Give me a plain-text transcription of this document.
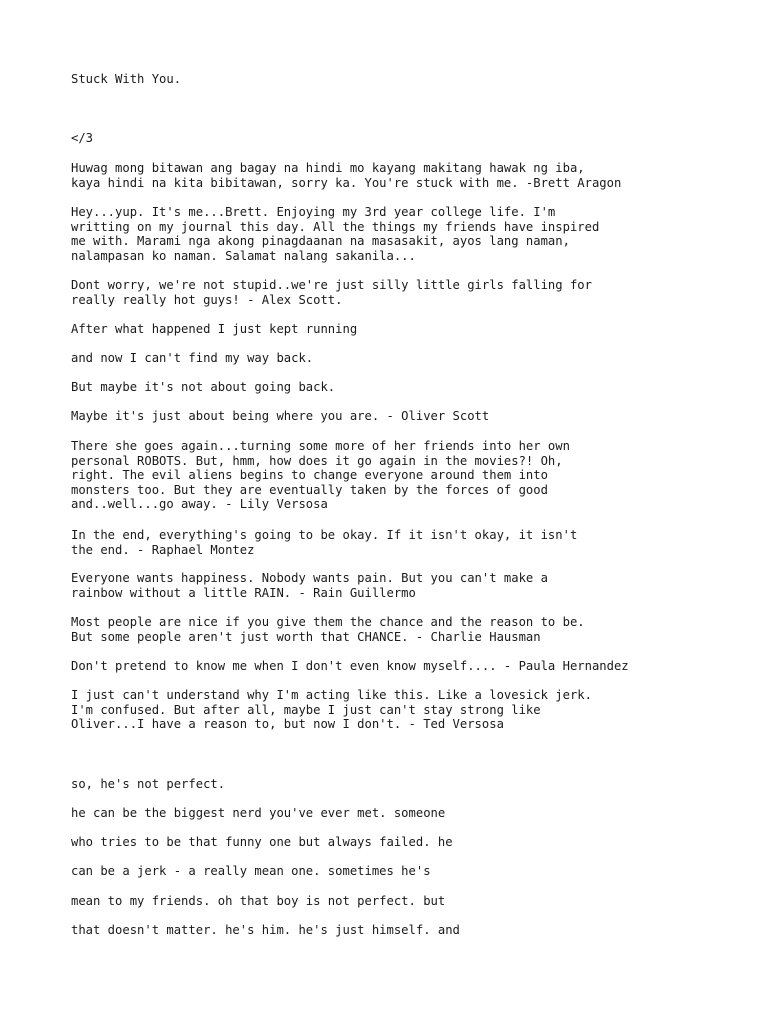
Stuck With You.

</3

Huwag mong bitawan ang bagay na hindi mo kayang makitang hawak ng iba,
kaya hindi na kita bibitawan, sorry ka. You're stuck with me. -Brett Aragon

Hey...yup. It's me...Brett. Enjoying my 3rd year college life. I'm
writting on my journal this day. All the things my friends have inspired
me with. Marami nga akong pinagdaanan na masasakit, ayos lang naman,
nalampasan ko naman. Salamat nalang sakanila...

Dont worry, we're not stupid..we're just silly little girls falling for
really really hot guys! - Alex Scott.

After what happened I just kept running

and now I can't find my way back.

But maybe it's not about going back.

Maybe it's just about being where you are. - Oliver Scott

There she goes again...turning some more of her friends into her own
personal ROBOTS. But, hmm, how does it go again in the movies?! Oh,
right. The evil aliens begins to change everyone around them into
monsters too. But they are eventually taken by the forces of good
and..well...go away. - Lily Versosa

In the end, everything's going to be okay. If it isn't okay, it isn't
the end. - Raphael Montez

Everyone wants happiness. Nobody wants pain. But you can't make a
rainbow without a little RAIN. - Rain Guillermo

Most people are nice if you give them the chance and the reason to be.
But some people aren't just worth that CHANCE. - Charlie Hausman

Don't pretend to know me when I don't even know myself.... - Paula Hernandez

I just can't understand why I'm acting like this. Like a lovesick jerk.
I'm confused. But after all, maybe I just can't stay strong like
Oliver...I have a reason to, but now I don't. - Ted Versosa

so, he's not perfect.

he can be the biggest nerd you've ever met. someone

who tries to be that funny one but always failed. he

can be a jerk - a really mean one. sometimes he's

mean to my friends. oh that boy is not perfect. but

that doesn't matter. he's him. he's just himself. and
